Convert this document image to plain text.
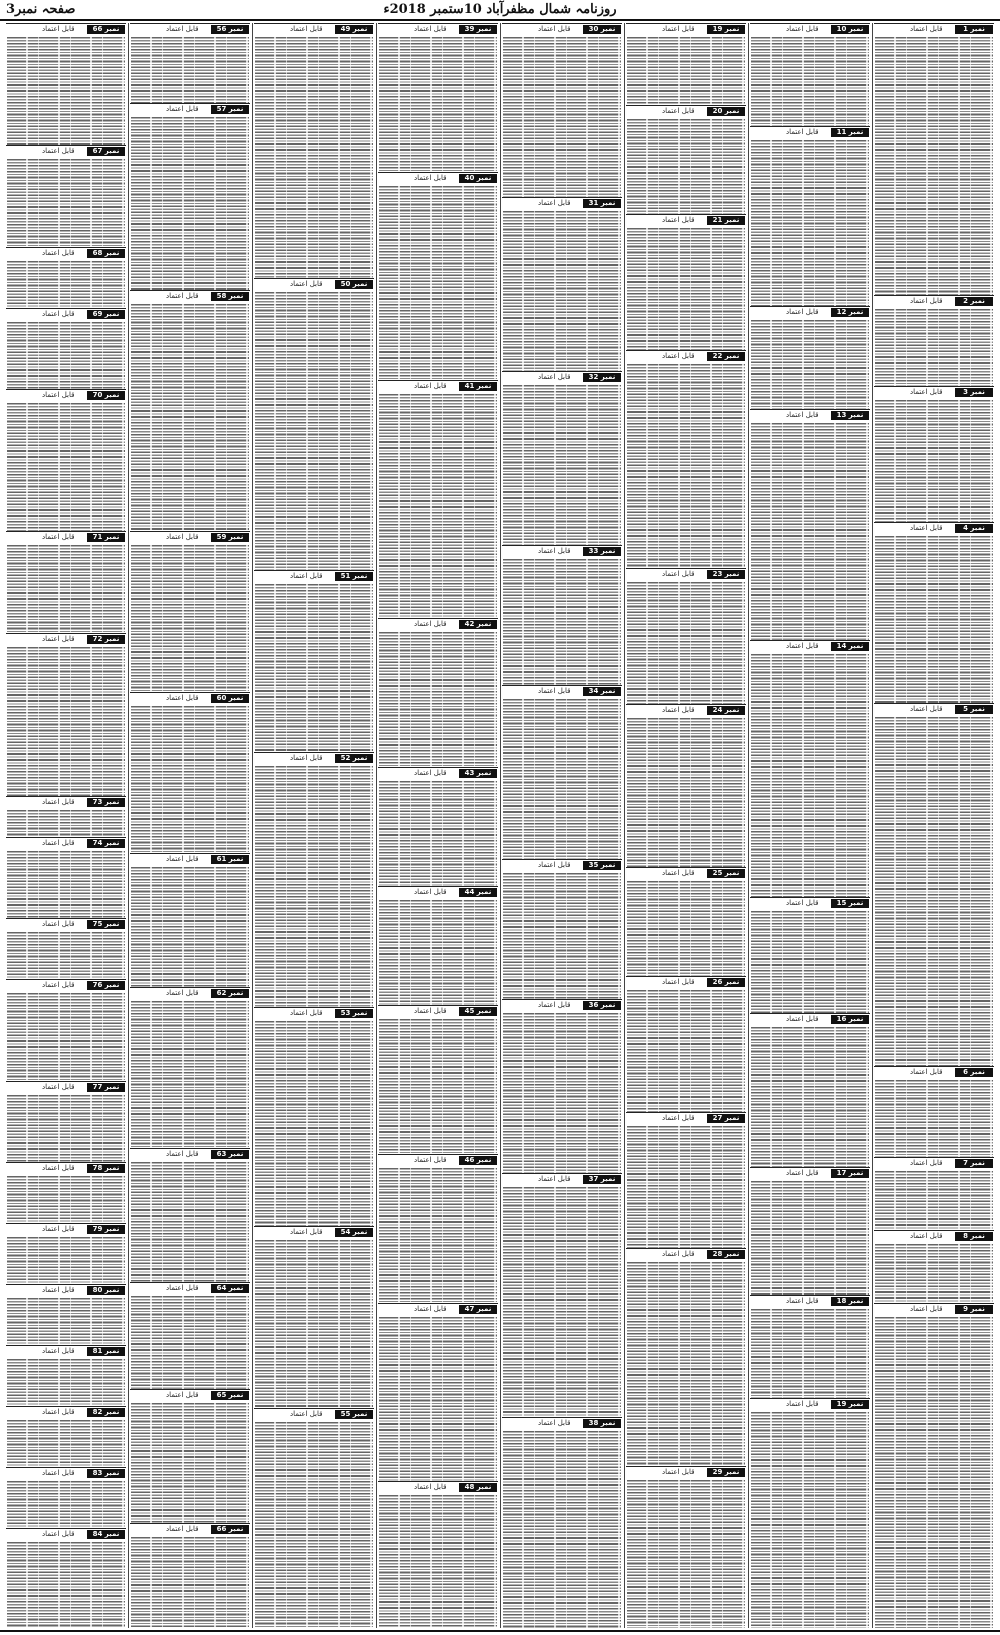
صفحہ نمبر3	روزنامہ شمال مظفرآباد 10ستمبر 2018ء
نمبر 1
قابل اعتماد
نمبر 2
قابل اعتماد
نمبر 3
قابل اعتماد
نمبر 4
قابل اعتماد
نمبر 5
قابل اعتماد
نمبر 6
قابل اعتماد
نمبر 7
قابل اعتماد
نمبر 8
قابل اعتماد
نمبر 9
قابل اعتماد
نمبر 10
قابل اعتماد
نمبر 11
قابل اعتماد
نمبر 12
قابل اعتماد
نمبر 13
قابل اعتماد
نمبر 14
قابل اعتماد
نمبر 15
قابل اعتماد
نمبر 16
قابل اعتماد
نمبر 17
قابل اعتماد
نمبر 18
قابل اعتماد
نمبر 19
قابل اعتماد
نمبر 19
قابل اعتماد
نمبر 20
قابل اعتماد
نمبر 21
قابل اعتماد
نمبر 22
قابل اعتماد
نمبر 23
قابل اعتماد
نمبر 24
قابل اعتماد
نمبر 25
قابل اعتماد
نمبر 26
قابل اعتماد
نمبر 27
قابل اعتماد
نمبر 28
قابل اعتماد
نمبر 29
قابل اعتماد
نمبر 30
قابل اعتماد
نمبر 31
قابل اعتماد
نمبر 32
قابل اعتماد
نمبر 33
قابل اعتماد
نمبر 34
قابل اعتماد
نمبر 35
قابل اعتماد
نمبر 36
قابل اعتماد
نمبر 37
قابل اعتماد
نمبر 38
قابل اعتماد
نمبر 39
قابل اعتماد
نمبر 40
قابل اعتماد
نمبر 41
قابل اعتماد
نمبر 42
قابل اعتماد
نمبر 43
قابل اعتماد
نمبر 44
قابل اعتماد
نمبر 45
قابل اعتماد
نمبر 46
قابل اعتماد
نمبر 47
قابل اعتماد
نمبر 48
قابل اعتماد
نمبر 49
قابل اعتماد
نمبر 50
قابل اعتماد
نمبر 51
قابل اعتماد
نمبر 52
قابل اعتماد
نمبر 53
قابل اعتماد
نمبر 54
قابل اعتماد
نمبر 55
قابل اعتماد
نمبر 56
قابل اعتماد
نمبر 57
قابل اعتماد
نمبر 58
قابل اعتماد
نمبر 59
قابل اعتماد
نمبر 60
قابل اعتماد
نمبر 61
قابل اعتماد
نمبر 62
قابل اعتماد
نمبر 63
قابل اعتماد
نمبر 64
قابل اعتماد
نمبر 65
قابل اعتماد
نمبر 66
قابل اعتماد
نمبر 66
قابل اعتماد
نمبر 67
قابل اعتماد
نمبر 68
قابل اعتماد
نمبر 69
قابل اعتماد
نمبر 70
قابل اعتماد
نمبر 71
قابل اعتماد
نمبر 72
قابل اعتماد
نمبر 73
قابل اعتماد
نمبر 74
قابل اعتماد
نمبر 75
قابل اعتماد
نمبر 76
قابل اعتماد
نمبر 77
قابل اعتماد
نمبر 78
قابل اعتماد
نمبر 79
قابل اعتماد
نمبر 80
قابل اعتماد
نمبر 81
قابل اعتماد
نمبر 82
قابل اعتماد
نمبر 83
قابل اعتماد
نمبر 84
قابل اعتماد
